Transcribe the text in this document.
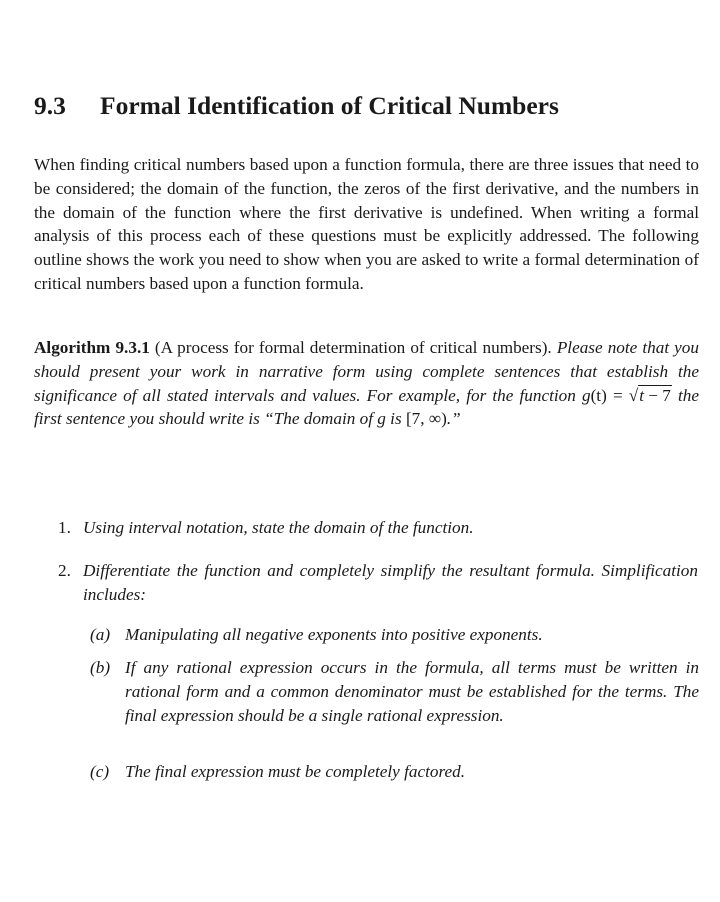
9.3 Formal Identification of Critical Numbers
When finding critical numbers based upon a function formula, there are three issues that need to be considered; the domain of the function, the zeros of the first derivative, and the numbers in the domain of the function where the first derivative is undefined. When writing a formal analysis of this process each of these questions must be explicitly addressed. The following outline shows the work you need to show when you are asked to write a formal determination of critical numbers based upon a function formula.
Algorithm 9.3.1 (A process for formal determination of critical numbers). Please note that you should present your work in narrative form using complete sentences that establish the significance of all stated intervals and values. For example, for the function g(t) = √t − 7 the first sentence you should write is “The domain of g is [7, ∞).”
1. Using interval notation, state the domain of the function.
2. Differentiate the function and completely simplify the resultant formula. Simplification includes:
(a) Manipulating all negative exponents into positive exponents.
(b) If any rational expression occurs in the formula, all terms must be written in rational form and a common denominator must be established for the terms. The final expression should be a single rational expression.
(c) The final expression must be completely factored.
